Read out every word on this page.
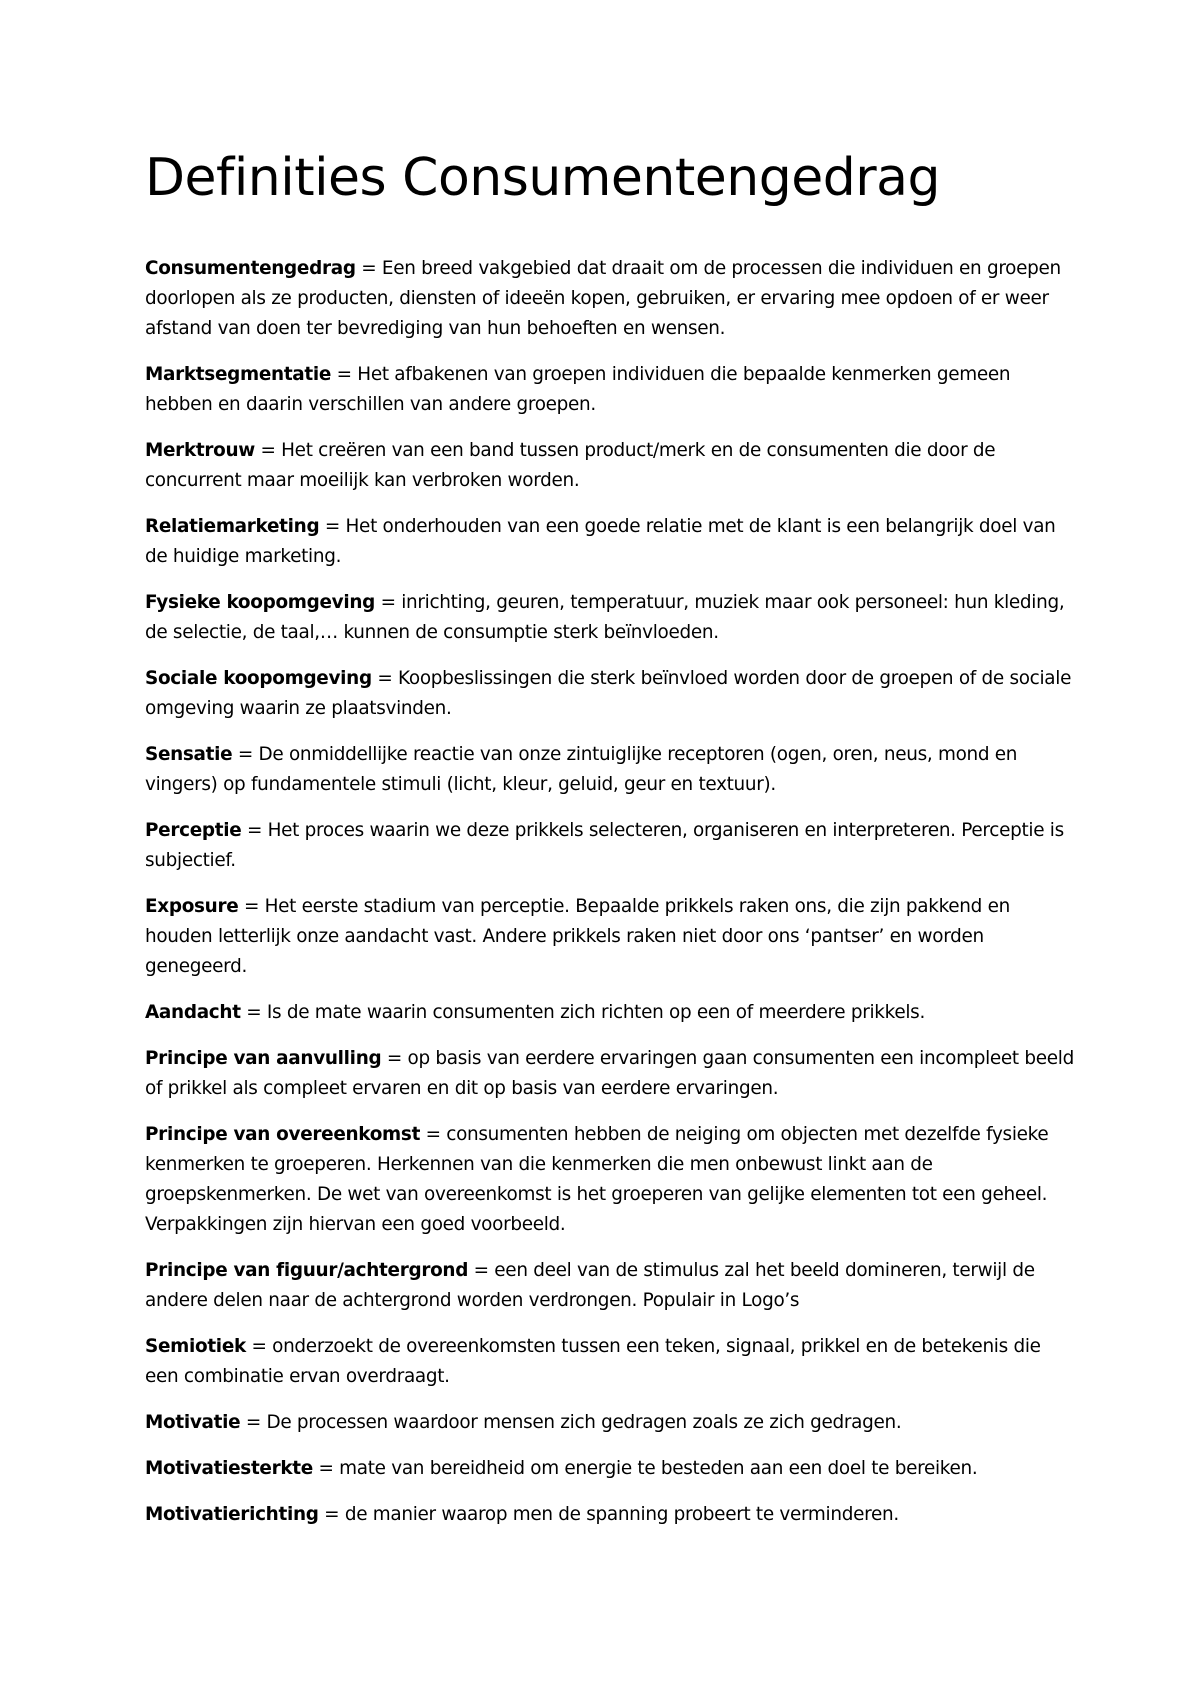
Definities Consumentengedrag

Consumentengedrag = Een breed vakgebied dat draait om de processen die individuen en groepen doorlopen als ze producten, diensten of ideeën kopen, gebruiken, er ervaring mee opdoen of er weer afstand van doen ter bevrediging van hun behoeften en wensen.

Marktsegmentatie = Het afbakenen van groepen individuen die bepaalde kenmerken gemeen hebben en daarin verschillen van andere groepen.

Merktrouw = Het creëren van een band tussen product/merk en de consumenten die door de concurrent maar moeilijk kan verbroken worden.

Relatiemarketing = Het onderhouden van een goede relatie met de klant is een belangrijk doel van de huidige marketing.

Fysieke koopomgeving = inrichting, geuren, temperatuur, muziek maar ook personeel: hun kleding, de selectie, de taal,… kunnen de consumptie sterk beïnvloeden.

Sociale koopomgeving = Koopbeslissingen die sterk beïnvloed worden door de groepen of de sociale omgeving waarin ze plaatsvinden.

Sensatie = De onmiddellijke reactie van onze zintuiglijke receptoren (ogen, oren, neus, mond en vingers) op fundamentele stimuli (licht, kleur, geluid, geur en textuur).

Perceptie = Het proces waarin we deze prikkels selecteren, organiseren en interpreteren. Perceptie is subjectief.

Exposure = Het eerste stadium van perceptie. Bepaalde prikkels raken ons, die zijn pakkend en houden letterlijk onze aandacht vast. Andere prikkels raken niet door ons ‘pantser’ en worden genegeerd.

Aandacht = Is de mate waarin consumenten zich richten op een of meerdere prikkels.

Principe van aanvulling = op basis van eerdere ervaringen gaan consumenten een incompleet beeld of prikkel als compleet ervaren en dit op basis van eerdere ervaringen.

Principe van overeenkomst = consumenten hebben de neiging om objecten met dezelfde fysieke kenmerken te groeperen. Herkennen van die kenmerken die men onbewust linkt aan de groepskenmerken. De wet van overeenkomst is het groeperen van gelijke elementen tot een geheel. Verpakkingen zijn hiervan een goed voorbeeld.

Principe van figuur/achtergrond = een deel van de stimulus zal het beeld domineren, terwijl de andere delen naar de achtergrond worden verdrongen. Populair in Logo’s

Semiotiek = onderzoekt de overeenkomsten tussen een teken, signaal, prikkel en de betekenis die een combinatie ervan overdraagt.

Motivatie = De processen waardoor mensen zich gedragen zoals ze zich gedragen.

Motivatiesterkte = mate van bereidheid om energie te besteden aan een doel te bereiken.

Motivatierichting = de manier waarop men de spanning probeert te verminderen.
